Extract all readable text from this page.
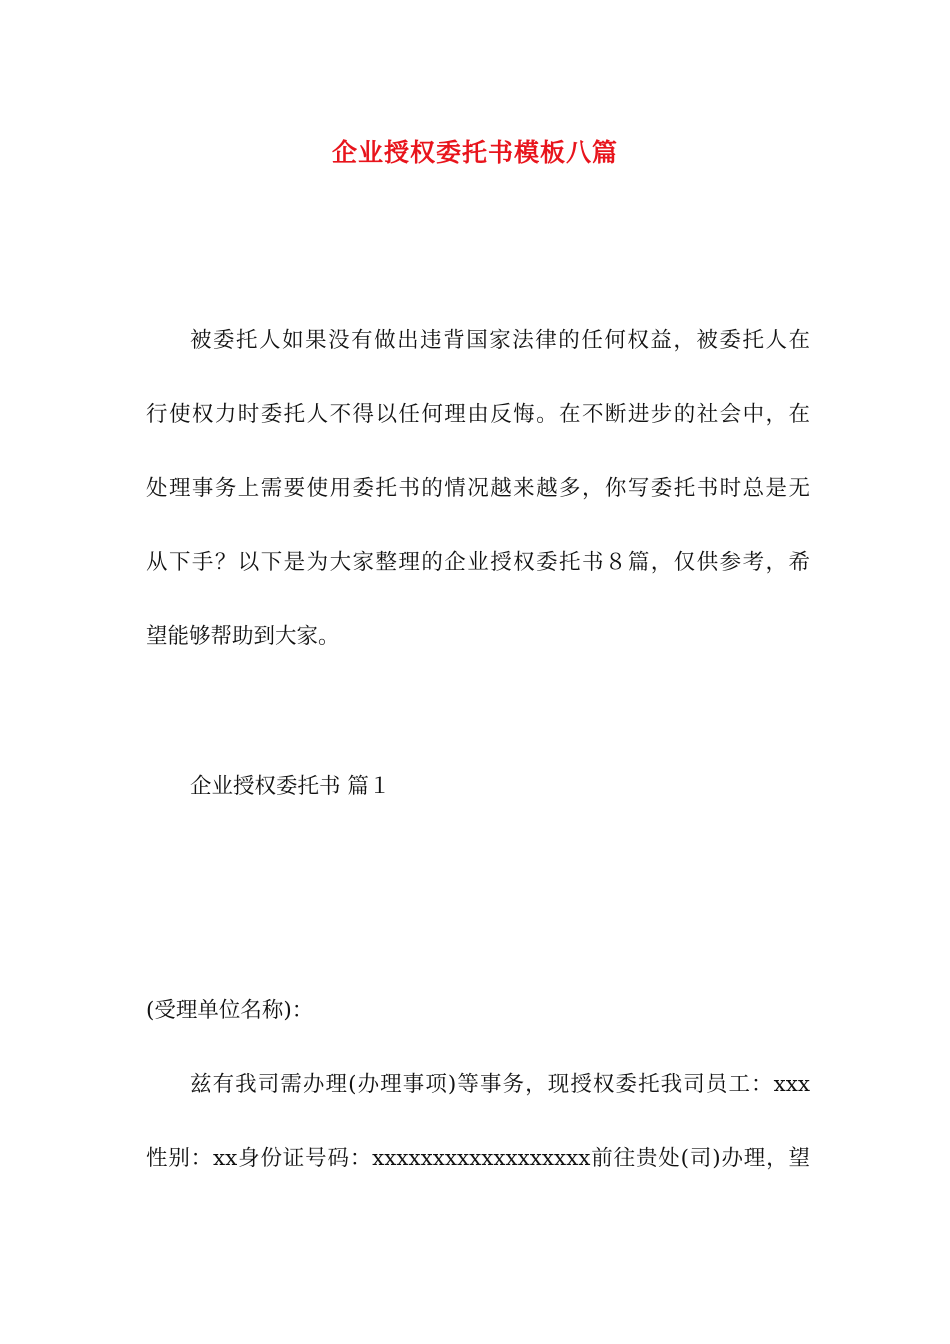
企业授权委托书模板八篇
被委托人如果没有做出违背国家法律的任何权益，被委托人在
行使权力时委托人不得以任何理由反悔。在不断进步的社会中，在
处理事务上需要使用委托书的情况越来越多，你写委托书时总是无
从下手？以下是为大家整理的企业授权委托书８篇，仅供参考，希
望能够帮助到大家。
企业授权委托书 篇１
(受理单位名称)：
兹有我司需办理(办理事项)等事务，现授权委托我司员工：xxx
性别：xx身份证号码：xxxxxxxxxxxxxxxxxx前往贵处(司)办理，望
